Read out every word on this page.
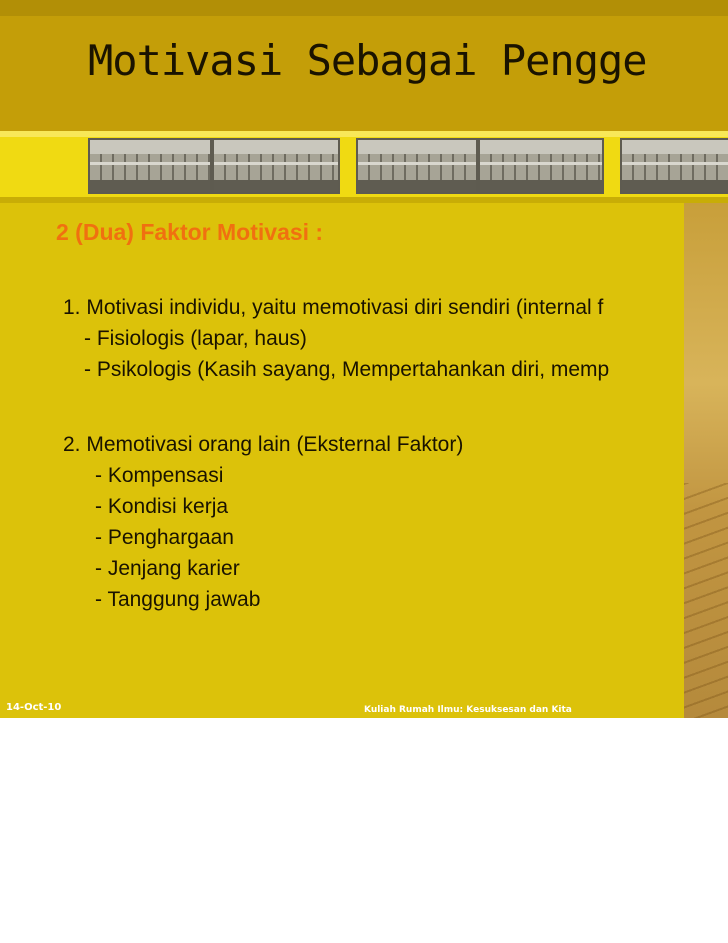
Motivasi Sebagai Pengge
2 (Dua) Faktor Motivasi :
1. Motivasi individu, yaitu memotivasi diri sendiri (internal f
- Fisiologis (lapar, haus)
- Psikologis (Kasih sayang, Mempertahankan diri, memp
2. Memotivasi orang lain (Eksternal Faktor)
- Kompensasi
- Kondisi kerja
- Penghargaan
- Jenjang karier
- Tanggung jawab
14-Oct-10	Kuliah Rumah Ilmu: Kesuksesan dan Kita
